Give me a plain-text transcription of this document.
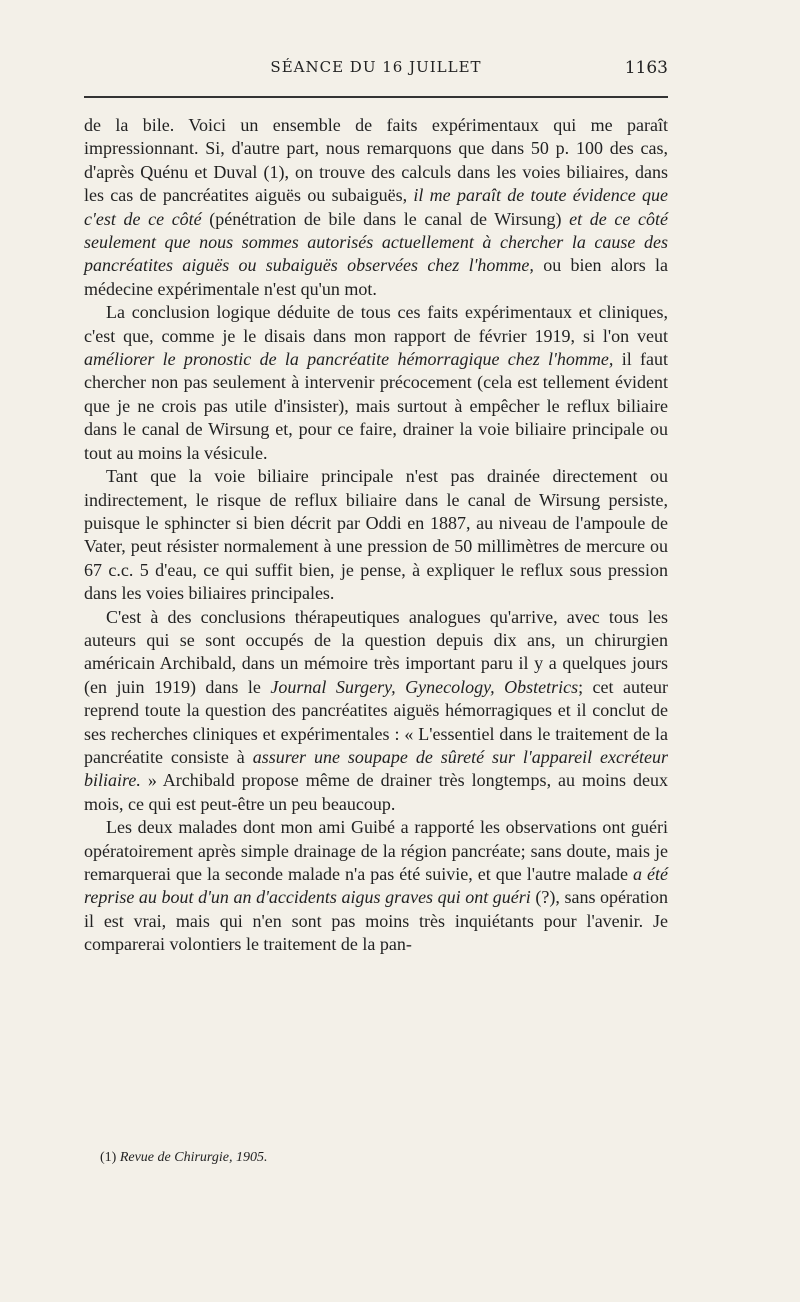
SÉANCE DU 16 JUILLET	1163

de la bile. Voici un ensemble de faits expérimentaux qui me paraît impressionnant. Si, d'autre part, nous remarquons que dans 50 p. 100 des cas, d'après Quénu et Duval (1), on trouve des calculs dans les voies biliaires, dans les cas de pancréatites aiguës ou subaiguës, il me paraît de toute évidence que c'est de ce côté (pénétration de bile dans le canal de Wirsung) et de ce côté seulement que nous sommes autorisés actuellement à chercher la cause des pancréatites aiguës ou subaiguës observées chez l'homme, ou bien alors la médecine expérimentale n'est qu'un mot.

La conclusion logique déduite de tous ces faits expérimentaux et cliniques, c'est que, comme je le disais dans mon rapport de février 1919, si l'on veut améliorer le pronostic de la pancréatite hémorragique chez l'homme, il faut chercher non pas seulement à intervenir précocement (cela est tellement évident que je ne crois pas utile d'insister), mais surtout à empêcher le reflux biliaire dans le canal de Wirsung et, pour ce faire, drainer la voie biliaire principale ou tout au moins la vésicule.

Tant que la voie biliaire principale n'est pas drainée directement ou indirectement, le risque de reflux biliaire dans le canal de Wirsung persiste, puisque le sphincter si bien décrit par Oddi en 1887, au niveau de l'ampoule de Vater, peut résister normalement à une pression de 50 millimètres de mercure ou 67 c.c. 5 d'eau, ce qui suffit bien, je pense, à expliquer le reflux sous pression dans les voies biliaires principales.

C'est à des conclusions thérapeutiques analogues qu'arrive, avec tous les auteurs qui se sont occupés de la question depuis dix ans, un chirurgien américain Archibald, dans un mémoire très important paru il y a quelques jours (en juin 1919) dans le Journal Surgery, Gynecology, Obstetrics; cet auteur reprend toute la question des pancréatites aiguës hémorragiques et il conclut de ses recherches cliniques et expérimentales : « L'essentiel dans le traitement de la pancréatite consiste à assurer une soupape de sûreté sur l'appareil excréteur biliaire. » Archibald propose même de drainer très longtemps, au moins deux mois, ce qui est peut-être un peu beaucoup.

Les deux malades dont mon ami Guibé a rapporté les observations ont guéri opératoirement après simple drainage de la région pancréate; sans doute, mais je remarquerai que la seconde malade n'a pas été suivie, et que l'autre malade a été reprise au bout d'un an d'accidents aigus graves qui ont guéri (?), sans opération il est vrai, mais qui n'en sont pas moins très inquiétants pour l'avenir. Je comparerai volontiers le traitement de la pan-

(1) Revue de Chirurgie, 1905.
